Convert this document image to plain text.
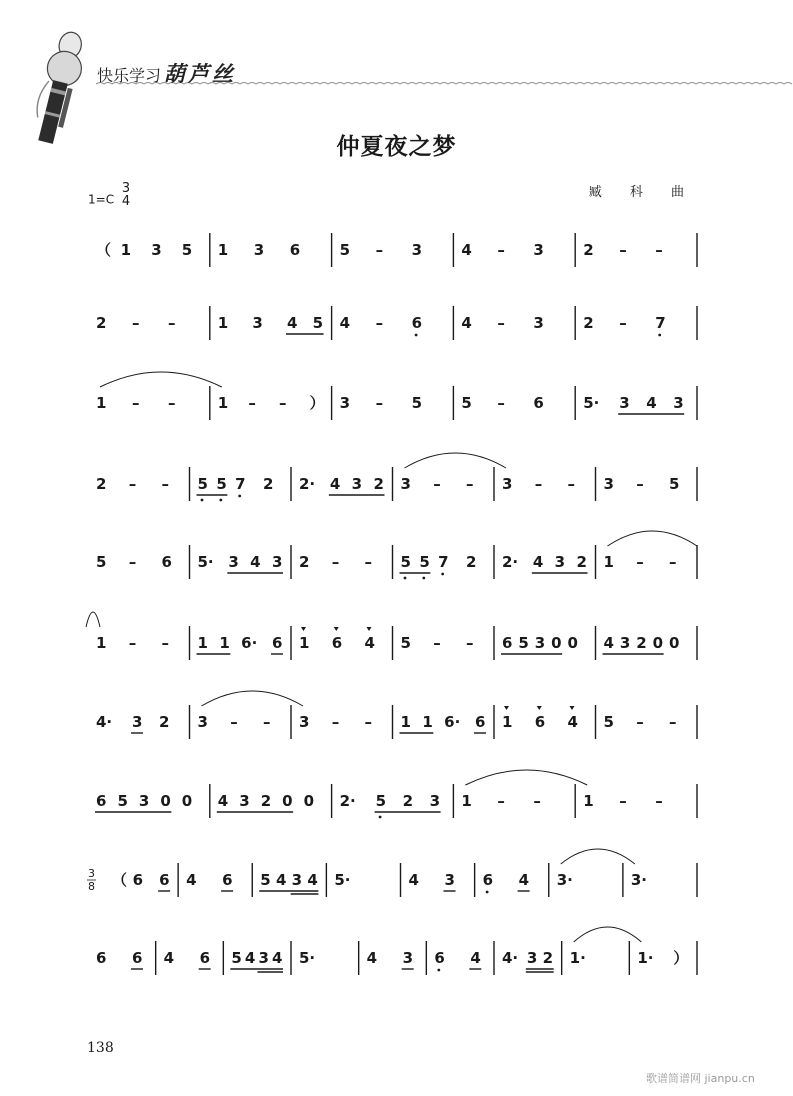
（ 1 3 5 1 3 6	5 – 3	4 – 3	2 – –
2 – –	1 3 4 5 4 – 6	4 – 3	2 – 7
1 – –	1 – – ） 3 – 5	5 – 6	5· 3 4 3
2 – – 5 5 7 2 2· 4 3 2 3 – – 3 – – 3 – 5
5 – 6 5· 3 4 3 2 – – 5 5 7 2 2· 4 3 2 1 – –
1 – – 1 1 6· 6 1 6 4 5 – – 6 5 3 0 0 4 3 2 0 0
4· 3 2 3 – – 3 – – 1 1 6· 6 1 6 4 5 – –
6 5 3 0 0 4 3 2 0 0 2· 5 2 3 1 – –	1 – –
3
8 （ 6 6 4 6 5 4 3 4 5·	4 3 6 4 3·	3·
6 6 4 6 5 4 3 4 5·	4 3 6 4 4· 3 2 1·	1· ）
快乐学习 葫芦丝
仲夏夜之梦
1=C 3
4
臧 科 曲
138
歌谱简谱网 jianpu.cn
